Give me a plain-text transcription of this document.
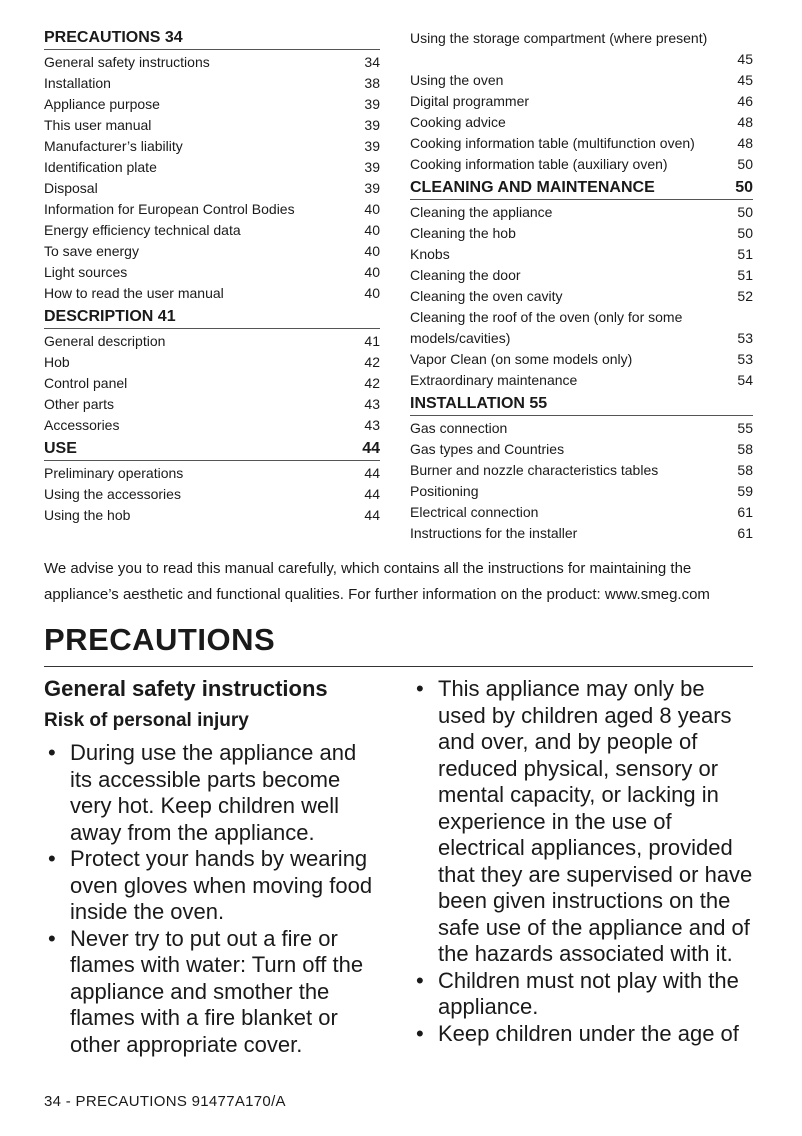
PRECAUTIONS 34
General safety instructions	34
Installation	38
Appliance purpose	39
This user manual	39
Manufacturer’s liability	39
Identification plate	39
Disposal	39
Information for European Control Bodies	40
Energy efficiency technical data	40
To save energy	40
Light sources	40
How to read the user manual	40
DESCRIPTION 41
General description	41
Hob	42
Control panel	42
Other parts	43
Accessories	43
USE	44
Preliminary operations	44
Using the accessories	44
Using the hob	44
Using the storage compartment (where present)
45
Using the oven	45
Digital programmer	46
Cooking advice	48
Cooking information table (multifunction oven)	48
Cooking information table (auxiliary oven)	50
CLEANING AND MAINTENANCE	50
Cleaning the appliance	50
Cleaning the hob	50
Knobs	51
Cleaning the door	51
Cleaning the oven cavity	52
Cleaning the roof of the oven (only for some
models/cavities)	53
Vapor Clean (on some models only)	53
Extraordinary maintenance	54
INSTALLATION 55
Gas connection	55
Gas types and Countries	58
Burner and nozzle characteristics tables	58
Positioning	59
Electrical connection	61
Instructions for the installer	61

We advise you to read this manual carefully, which contains all the instructions for maintaining the appliance’s aesthetic and functional qualities. For further information on the product: www.smeg.com

PRECAUTIONS
General safety instructions
Risk of personal injury
• During use the appliance and its accessible parts become very hot. Keep children well away from the appliance.
• Protect your hands by wearing oven gloves when moving food inside the oven.
• Never try to put out a fire or flames with water: Turn off the appliance and smother the flames with a fire blanket or other appropriate cover.
• This appliance may only be used by children aged 8 years and over, and by people of reduced physical, sensory or mental capacity, or lacking in experience in the use of electrical appliances, provided that they are supervised or have been given instructions on the safe use of the appliance and of the hazards associated with it.
• Children must not play with the appliance.
• Keep children under the age of
34 - PRECAUTIONS 91477A170/A
